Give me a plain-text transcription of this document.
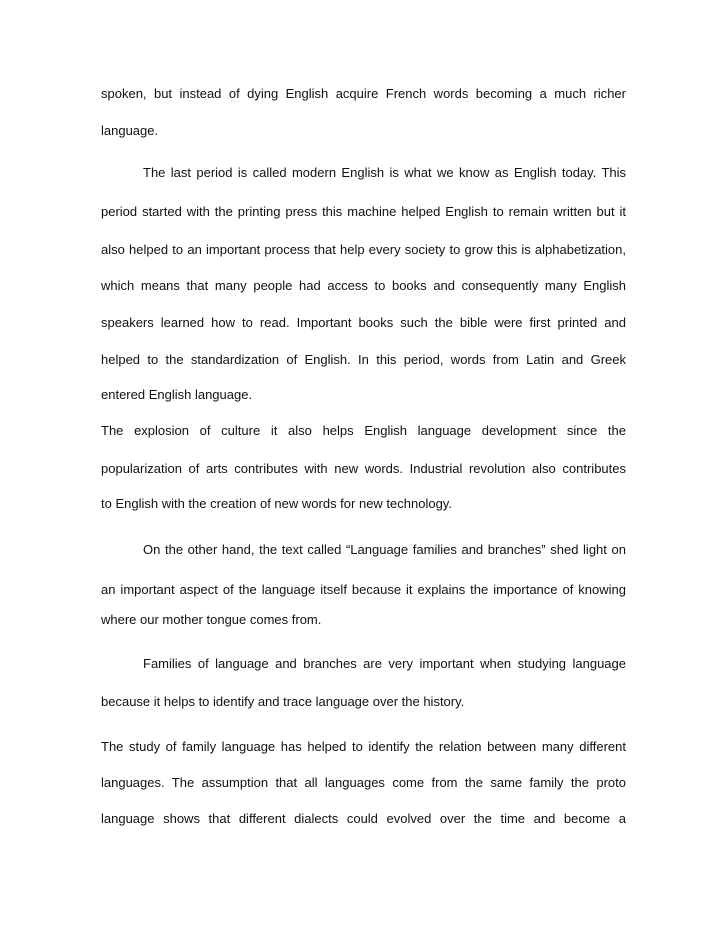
spoken, but instead of dying English acquire French words becoming a much richer
language.
The last period is called modern English is what we know as English today. This
period started with the printing press this machine helped English to remain written but it
also helped to an important process that help every society to grow this is alphabetization,
which means that many people had access to books and consequently many English
speakers learned how to read. Important books such the bible were first printed and
helped to the standardization of English. In this period, words from Latin and Greek
entered English language.
The explosion of culture it also helps English language development since the
popularization of arts contributes with new words. Industrial revolution also contributes
to English with the creation of new words for new technology.
On the other hand, the text called “Language families and branches” shed light on
an important aspect of the language itself because it explains the importance of knowing
where our mother tongue comes from.
Families of language and branches are very important when studying language
because it helps to identify and trace language over the history.
The study of family language has helped to identify the relation between many different
languages. The assumption that all languages come from the same family the proto
language shows that different dialects could evolved over the time and become a
